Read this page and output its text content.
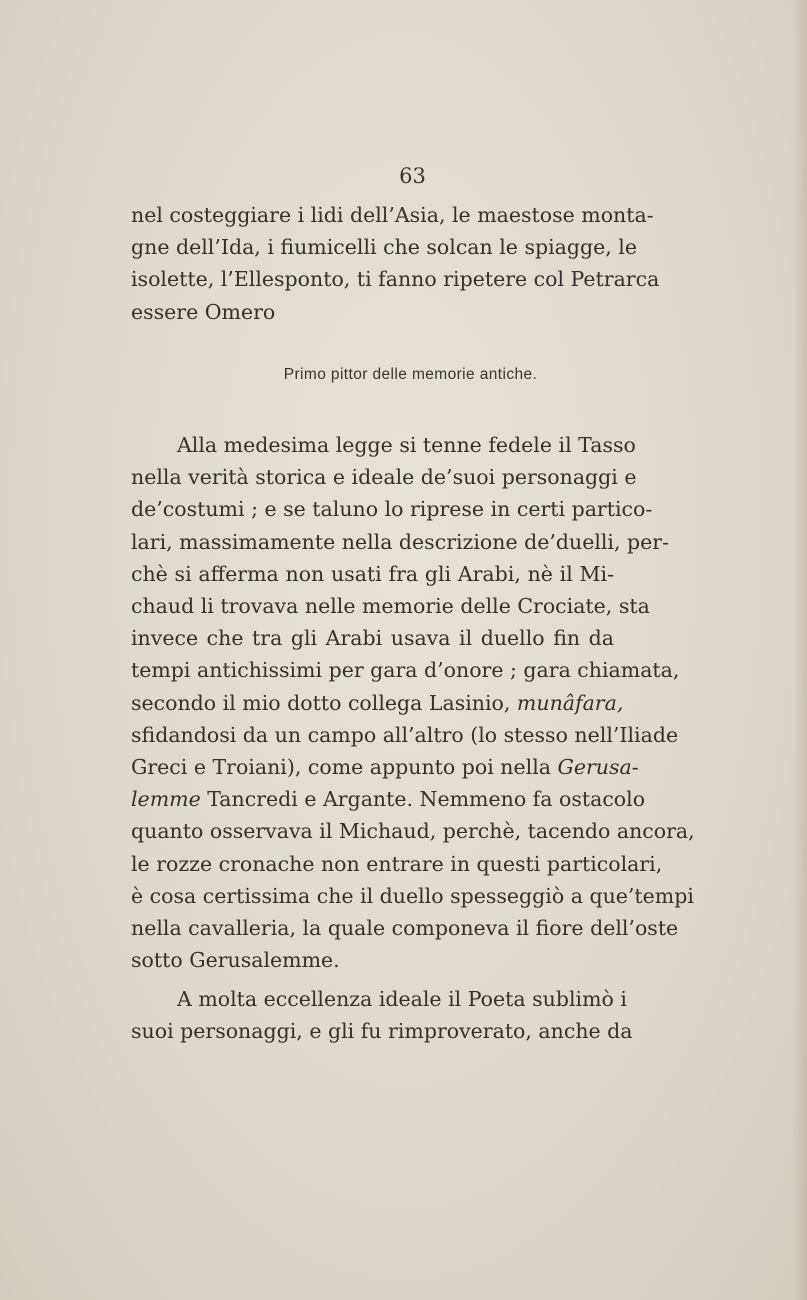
63
nel costeggiare i lidi dell’Asia, le maestose monta-
gne dell’Ida, i fiumicelli che solcan le spiagge, le
isolette, l’Ellesponto, ti fanno ripetere col Petrarca
essere Omero
Primo pittor delle memorie antiche.
Alla medesima legge si tenne fedele il Tasso
nella verità storica e ideale de’suoi personaggi e
de’costumi ; e se taluno lo riprese in certi partico-
lari, massimamente nella descrizione de’duelli, per-
chè si afferma non usati fra gli Arabi, nè il Mi-
chaud li trovava nelle memorie delle Crociate, sta
invece che tra gli Arabi usava il duello fin da
tempi antichissimi per gara d’onore ; gara chiamata,
secondo il mio dotto collega Lasinio, munâfara,
sfidandosi da un campo all’altro (lo stesso nell’Iliade
Greci e Troiani), come appunto poi nella Gerusa-
lemme Tancredi e Argante. Nemmeno fa ostacolo
quanto osservava il Michaud, perchè, tacendo ancora,
le rozze cronache non entrare in questi particolari,
è cosa certissima che il duello spesseggiò a que’tempi
nella cavalleria, la quale componeva il fiore dell’oste
sotto Gerusalemme.
A molta eccellenza ideale il Poeta sublimò i
suoi personaggi, e gli fu rimproverato, anche da
